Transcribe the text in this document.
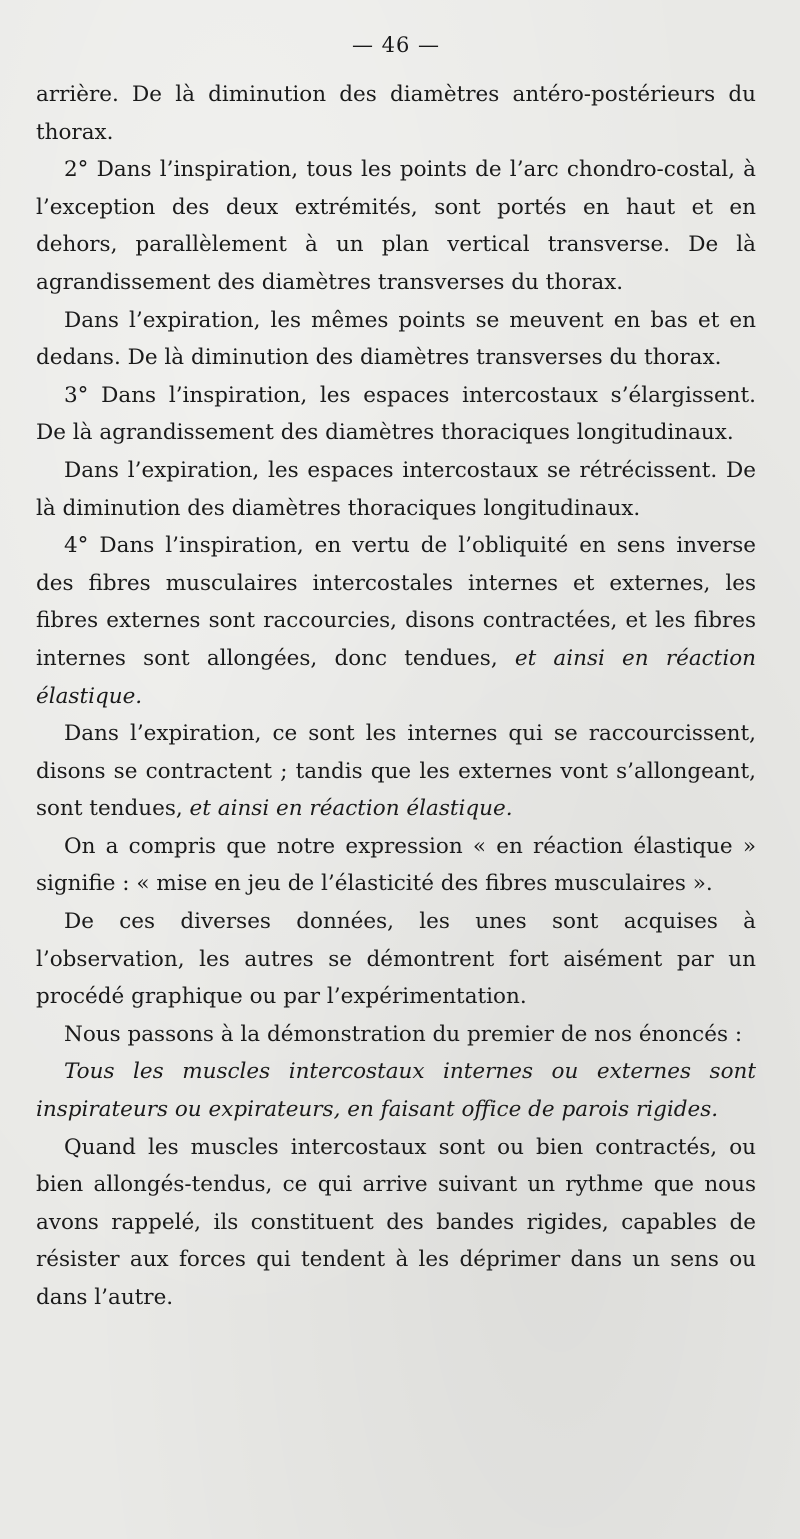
— 46 —

arrière. De là diminution des diamètres antéro-postérieurs du thorax.

2° Dans l’inspiration, tous les points de l’arc chondro-costal, à l’exception des deux extrémités, sont portés en haut et en dehors, parallèlement à un plan vertical transverse. De là agrandissement des diamètres transverses du thorax.

Dans l’expiration, les mêmes points se meuvent en bas et en dedans. De là diminution des diamètres transverses du thorax.

3° Dans l’inspiration, les espaces intercostaux s’élargissent. De là agrandissement des diamètres thoraciques longitudinaux.

Dans l’expiration, les espaces intercostaux se rétrécissent. De là diminution des diamètres thoraciques longitudinaux.

4° Dans l’inspiration, en vertu de l’obliquité en sens inverse des fibres musculaires intercostales internes et externes, les fibres externes sont raccourcies, disons contractées, et les fibres internes sont allongées, donc tendues, et ainsi en réaction élastique.

Dans l’expiration, ce sont les internes qui se raccourcissent, disons se contractent ; tandis que les externes vont s’allongeant, sont tendues, et ainsi en réaction élastique.

On a compris que notre expression « en réaction élastique » signifie : « mise en jeu de l’élasticité des fibres musculaires ».

De ces diverses données, les unes sont acquises à l’observation, les autres se démontrent fort aisément par un procédé graphique ou par l’expérimentation.

Nous passons à la démonstration du premier de nos énoncés :

Tous les muscles intercostaux internes ou externes sont inspirateurs ou expirateurs, en faisant office de parois rigides.

Quand les muscles intercostaux sont ou bien contractés, ou bien allongés-tendus, ce qui arrive suivant un rythme que nous avons rappelé, ils constituent des bandes rigides, capables de résister aux forces qui tendent à les déprimer dans un sens ou dans l’autre.
